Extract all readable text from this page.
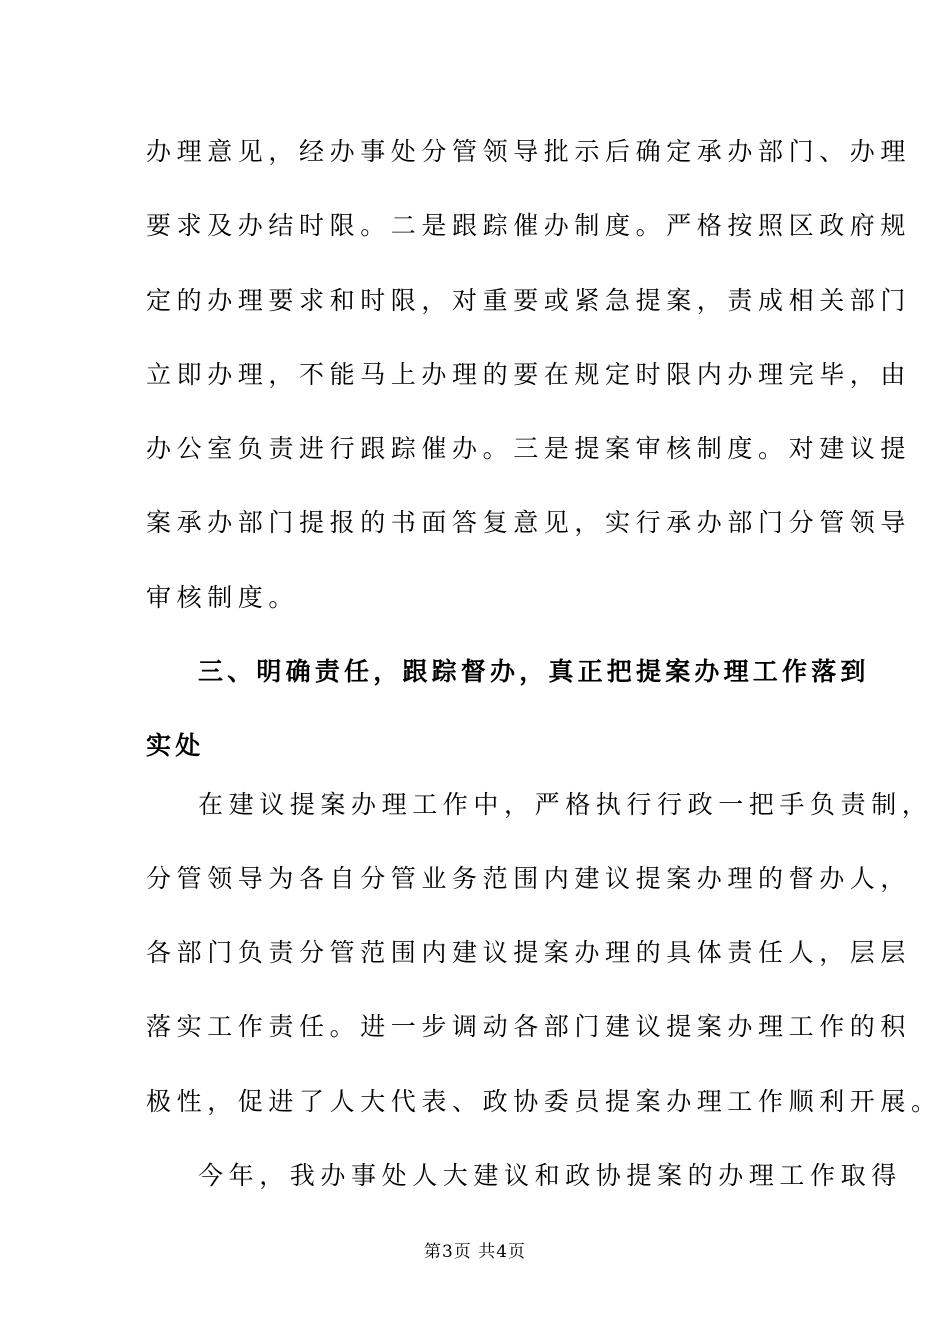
办理意见，经办事处分管领导批示后确定承办部门、办理
要求及办结时限。二是跟踪催办制度。严格按照区政府规
定的办理要求和时限，对重要或紧急提案，责成相关部门
立即办理，不能马上办理的要在规定时限内办理完毕，由
办公室负责进行跟踪催办。三是提案审核制度。对建议提
案承办部门提报的书面答复意见，实行承办部门分管领导
审核制度。
三、明确责任，跟踪督办，真正把提案办理工作落到
实处
在建议提案办理工作中，严格执行行政一把手负责制，
分管领导为各自分管业务范围内建议提案办理的督办人，
各部门负责分管范围内建议提案办理的具体责任人，层层
落实工作责任。进一步调动各部门建议提案办理工作的积
极性，促进了人大代表、政协委员提案办理工作顺利开展。
今年，我办事处人大建议和政协提案的办理工作取得
第3页 共4页
